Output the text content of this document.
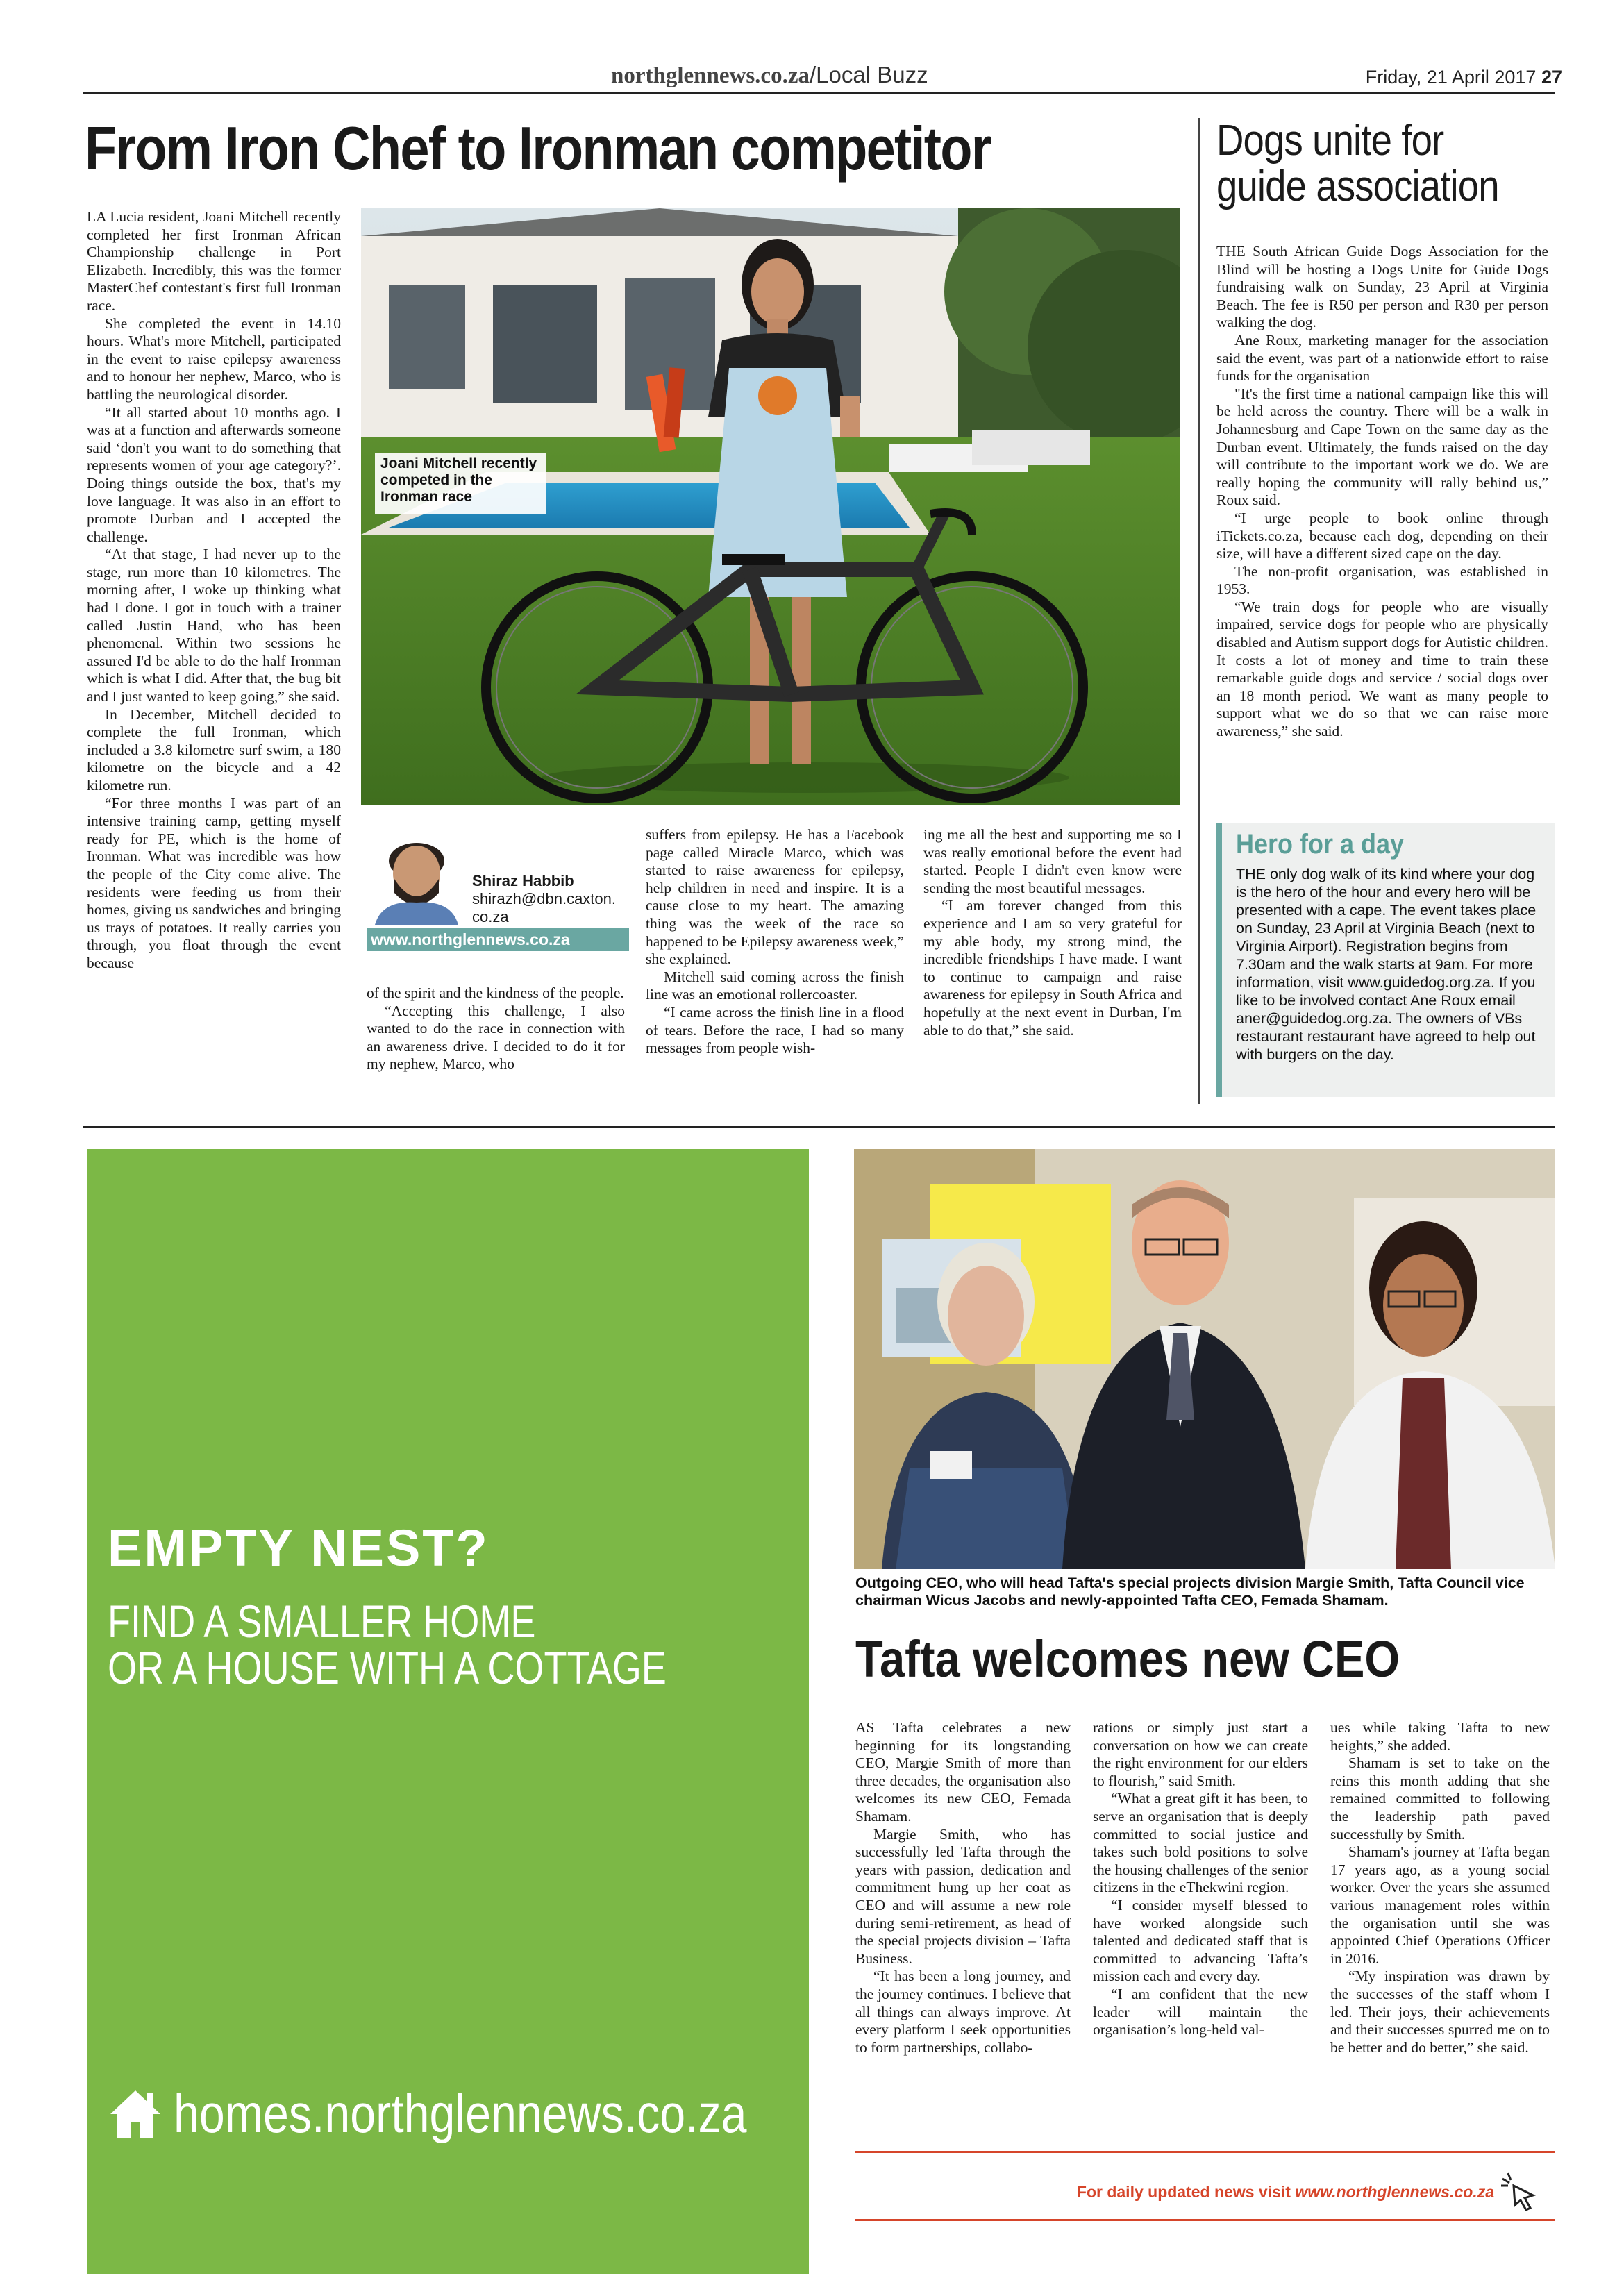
northglennews.co.za/Local Buzz	Friday, 21 April 2017 27
From Iron Chef to Ironman competitor

LA Lucia resident, Joani Mitchell recently completed her first Ironman African Championship challenge in Port Elizabeth. Incredibly, this was the former MasterChef contestant's first full Ironman race.

She completed the event in 14.10 hours. What's more Mitchell, participated in the event to raise epilepsy awareness and to honour her nephew, Marco, who is battling the neurological disorder.

“It all started about 10 months ago. I was at a function and afterwards someone said ‘don't you want to do something that represents women of your age category?’. Doing things outside the box, that's my love language. It was also in an effort to promote Durban and I accepted the challenge.

“At that stage, I had never up to the stage, run more than 10 kilometres. The morning after, I woke up thinking what had I done. I got in touch with a trainer called Justin Hand, who has been phenomenal. Within two sessions he assured I'd be able to do the half Ironman which is what I did. After that, the bug bit and I just wanted to keep going,” she said.

In December, Mitchell decided to complete the full Ironman, which included a 3.8 kilometre surf swim, a 180 kilometre on the bicycle and a 42 kilometre run.

“For three months I was part of an intensive training camp, getting myself ready for PE, which is the home of Ironman. What was incredible was how the people of the City come alive. The residents were feeding us from their homes, giving us sandwiches and bringing us trays of potatoes. It really carries you through, you float through the event because

Joani Mitchell recently competed in the Ironman race
Shiraz Habbib
shirazh@dbn.caxton.co.za
www.northglennews.co.za

of the spirit and the kindness of the people.

“Accepting this challenge, I also wanted to do the race in connection with an awareness drive. I decided to do it for my nephew, Marco, who

suffers from epilepsy. He has a Facebook page called Miracle Marco, which was started to raise awareness for epilepsy, help children in need and inspire. It is a cause close to my heart. The amazing thing was the week of the race so happened to be Epilepsy awareness week,” she explained.

Mitchell said coming across the finish line was an emotional rollercoaster.

“I came across the finish line in a flood of tears. Before the race, I had so many messages from people wish-

ing me all the best and supporting me so I was really emotional before the event had started. People I didn't even know were sending the most beautiful messages.

“I am forever changed from this experience and I am so very grateful for my able body, my strong mind, the incredible friendships I have made. I want to continue to campaign and raise awareness for epilepsy in South Africa and hopefully at the next event in Durban, I'm able to do that,” she said.

Dogs unite for guide association

THE South African Guide Dogs Association for the Blind will be hosting a Dogs Unite for Guide Dogs fundraising walk on Sunday, 23 April at Virginia Beach. The fee is R50 per person and R30 per person walking the dog.

Ane Roux, marketing manager for the association said the event, was part of a nationwide effort to raise funds for the organisation

"It's the first time a national campaign like this will be held across the country. There will be a walk in Johannesburg and Cape Town on the same day as the Durban event. Ultimately, the funds raised on the day will contribute to the important work we do. We are really hoping the community will rally behind us,” Roux said.

“I urge people to book online through iTickets.co.za, because each dog, depending on their size, will have a different sized cape on the day.

The non-profit organisation, was established in 1953.

“We train dogs for people who are visually impaired, service dogs for people who are physically disabled and Autism support dogs for Autistic children. It costs a lot of money and time to train these remarkable guide dogs and service / social dogs over an 18 month period. We want as many people to support what we do so that we can raise more awareness,” she said.

Hero for a day
THE only dog walk of its kind where your dog is the hero of the hour and every hero will be presented with a cape. The event takes place on Sunday, 23 April at Virginia Beach (next to Virginia Airport). Registration begins from 7.30am and the walk starts at 9am. For more information, visit www.guidedog.org.za. If you like to be involved contact Ane Roux email aner@guidedog.org.za. The owners of VBs restaurant restaurant have agreed to help out with burgers on the day.
EMPTY NEST?
FIND A SMALLER HOME
OR A HOUSE WITH A COTTAGE
homes.northglennews.co.za
Outgoing CEO, who will head Tafta's special projects division Margie Smith, Tafta Council vice chairman Wicus Jacobs and newly-appointed Tafta CEO, Femada Shamam.
Tafta welcomes new CEO

AS Tafta celebrates a new beginning for its longstanding CEO, Margie Smith of more than three decades, the organisation also welcomes its new CEO, Femada Shamam.

Margie Smith, who has successfully led Tafta through the years with passion, dedication and commitment hung up her coat as CEO and will assume a new role during semi-retirement, as head of the special projects division – Tafta Business.

“It has been a long journey, and the journey continues. I believe that all things can always improve. At every platform I seek opportunities to form partnerships, collabo-

rations or simply just start a conversation on how we can create the right environment for our elders to flourish,” said Smith.

“What a great gift it has been, to serve an organisation that is deeply committed to social justice and takes such bold positions to solve the housing challenges of the senior citizens in the eThekwini region.

“I consider myself blessed to have worked alongside such talented and dedicated staff that is committed to advancing Tafta’s mission each and every day.

“I am confident that the new leader will maintain the organisation’s long-held val-

ues while taking Tafta to new heights,” she added.

Shamam is set to take on the reins this month adding that she remained committed to following the leadership path paved successfully by Smith.

Shamam's journey at Tafta began 17 years ago, as a young social worker. Over the years she assumed various management roles within the organisation until she was appointed Chief Operations Officer in 2016.

“My inspiration was drawn by the successes of the staff whom I led. Their joys, their achievements and their successes spurred me on to be better and do better,” she said.

For daily updated news visit www.northglennews.co.za
